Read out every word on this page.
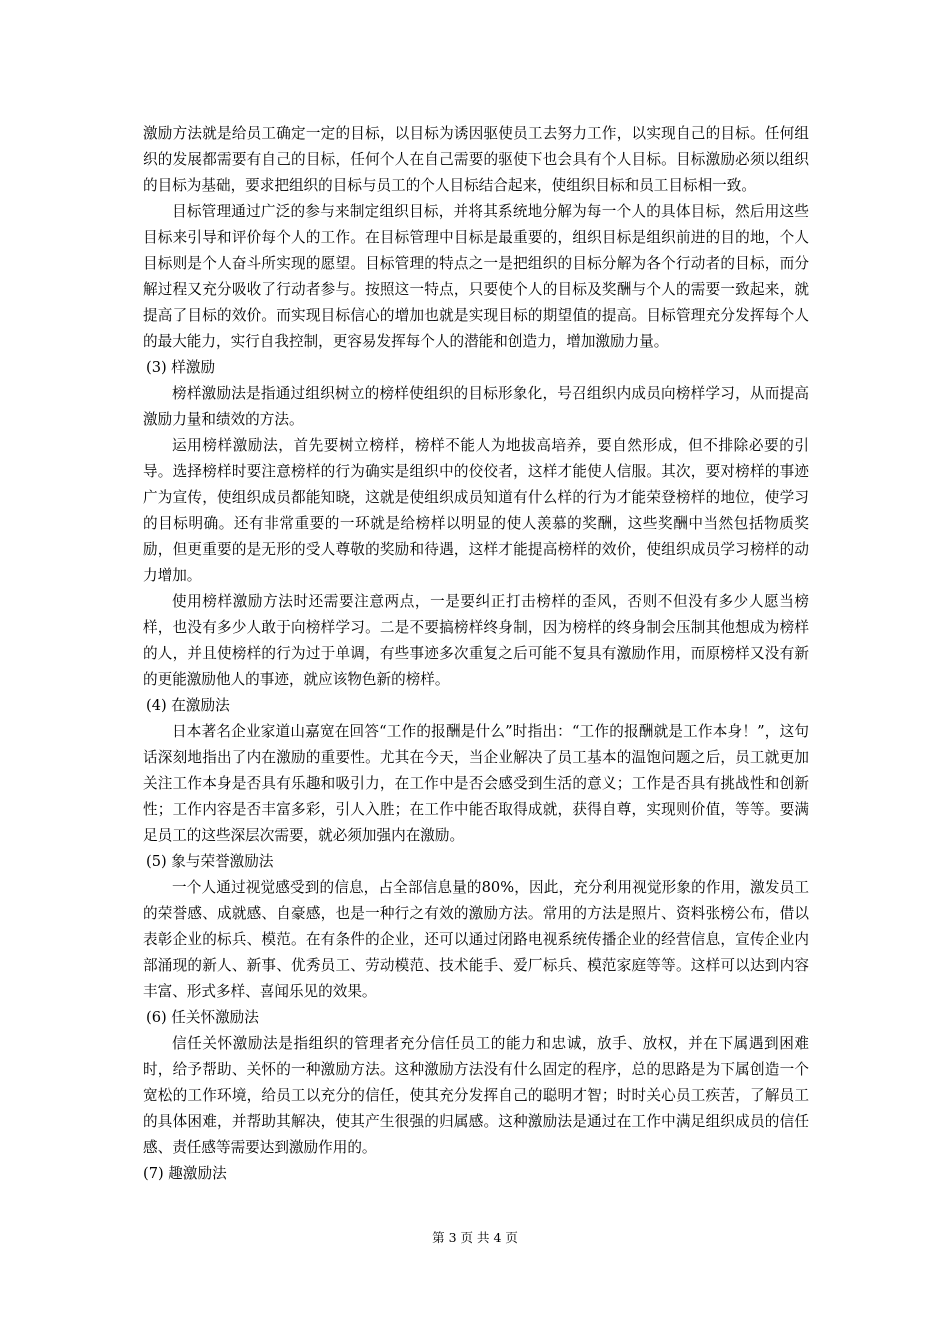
激励方法就是给员工确定一定的目标，以目标为诱因驱使员工去努力工作，以实现自己的目标。任何组织的发展都需要有自己的目标，任何个人在自己需要的驱使下也会具有个人目标。目标激励必须以组织的目标为基础，要求把组织的目标与员工的个人目标结合起来，使组织目标和员工目标相一致。

目标管理通过广泛的参与来制定组织目标，并将其系统地分解为每一个人的具体目标，然后用这些目标来引导和评价每个人的工作。在目标管理中目标是最重要的，组织目标是组织前进的目的地，个人目标则是个人奋斗所实现的愿望。目标管理的特点之一是把组织的目标分解为各个行动者的目标，而分解过程又充分吸收了行动者参与。按照这一特点，只要使个人的目标及奖酬与个人的需要一致起来，就提高了目标的效价。而实现目标信心的增加也就是实现目标的期望值的提高。目标管理充分发挥每个人的最大能力，实行自我控制，更容易发挥每个人的潜能和创造力，增加激励力量。

(3) 样激励

榜样激励法是指通过组织树立的榜样使组织的目标形象化，号召组织内成员向榜样学习，从而提高激励力量和绩效的方法。

运用榜样激励法，首先要树立榜样，榜样不能人为地拔高培养，要自然形成，但不排除必要的引导。选择榜样时要注意榜样的行为确实是组织中的佼佼者，这样才能使人信服。其次，要对榜样的事迹广为宣传，使组织成员都能知晓，这就是使组织成员知道有什么样的行为才能荣登榜样的地位，使学习的目标明确。还有非常重要的一环就是给榜样以明显的使人羡慕的奖酬，这些奖酬中当然包括物质奖励，但更重要的是无形的受人尊敬的奖励和待遇，这样才能提高榜样的效价，使组织成员学习榜样的动力增加。

使用榜样激励方法时还需要注意两点，一是要纠正打击榜样的歪风，否则不但没有多少人愿当榜样，也没有多少人敢于向榜样学习。二是不要搞榜样终身制，因为榜样的终身制会压制其他想成为榜样的人，并且使榜样的行为过于单调，有些事迹多次重复之后可能不复具有激励作用，而原榜样又没有新的更能激励他人的事迹，就应该物色新的榜样。

(4) 在激励法

日本著名企业家道山嘉宽在回答“工作的报酬是什么”时指出：“工作的报酬就是工作本身！”，这句话深刻地指出了内在激励的重要性。尤其在今天，当企业解决了员工基本的温饱问题之后，员工就更加关注工作本身是否具有乐趣和吸引力，在工作中是否会感受到生活的意义；工作是否具有挑战性和创新性；工作内容是否丰富多彩，引人入胜；在工作中能否取得成就，获得自尊，实现则价值，等等。要满足员工的这些深层次需要，就必须加强内在激励。

(5) 象与荣誉激励法

一个人通过视觉感受到的信息，占全部信息量的80%，因此，充分利用视觉形象的作用，激发员工的荣誉感、成就感、自豪感，也是一种行之有效的激励方法。常用的方法是照片、资料张榜公布，借以表彰企业的标兵、模范。在有条件的企业，还可以通过闭路电视系统传播企业的经营信息，宣传企业内部涌现的新人、新事、优秀员工、劳动模范、技术能手、爱厂标兵、模范家庭等等。这样可以达到内容丰富、形式多样、喜闻乐见的效果。

(6) 任关怀激励法

信任关怀激励法是指组织的管理者充分信任员工的能力和忠诚，放手、放权，并在下属遇到困难时，给予帮助、关怀的一种激励方法。这种激励方法没有什么固定的程序，总的思路是为下属创造一个宽松的工作环境，给员工以充分的信任，使其充分发挥自己的聪明才智；时时关心员工疾苦，了解员工的具体困难，并帮助其解决，使其产生很强的归属感。这种激励法是通过在工作中满足组织成员的信任感、责任感等需要达到激励作用的。

(7) 趣激励法

第 3 页 共 4 页
